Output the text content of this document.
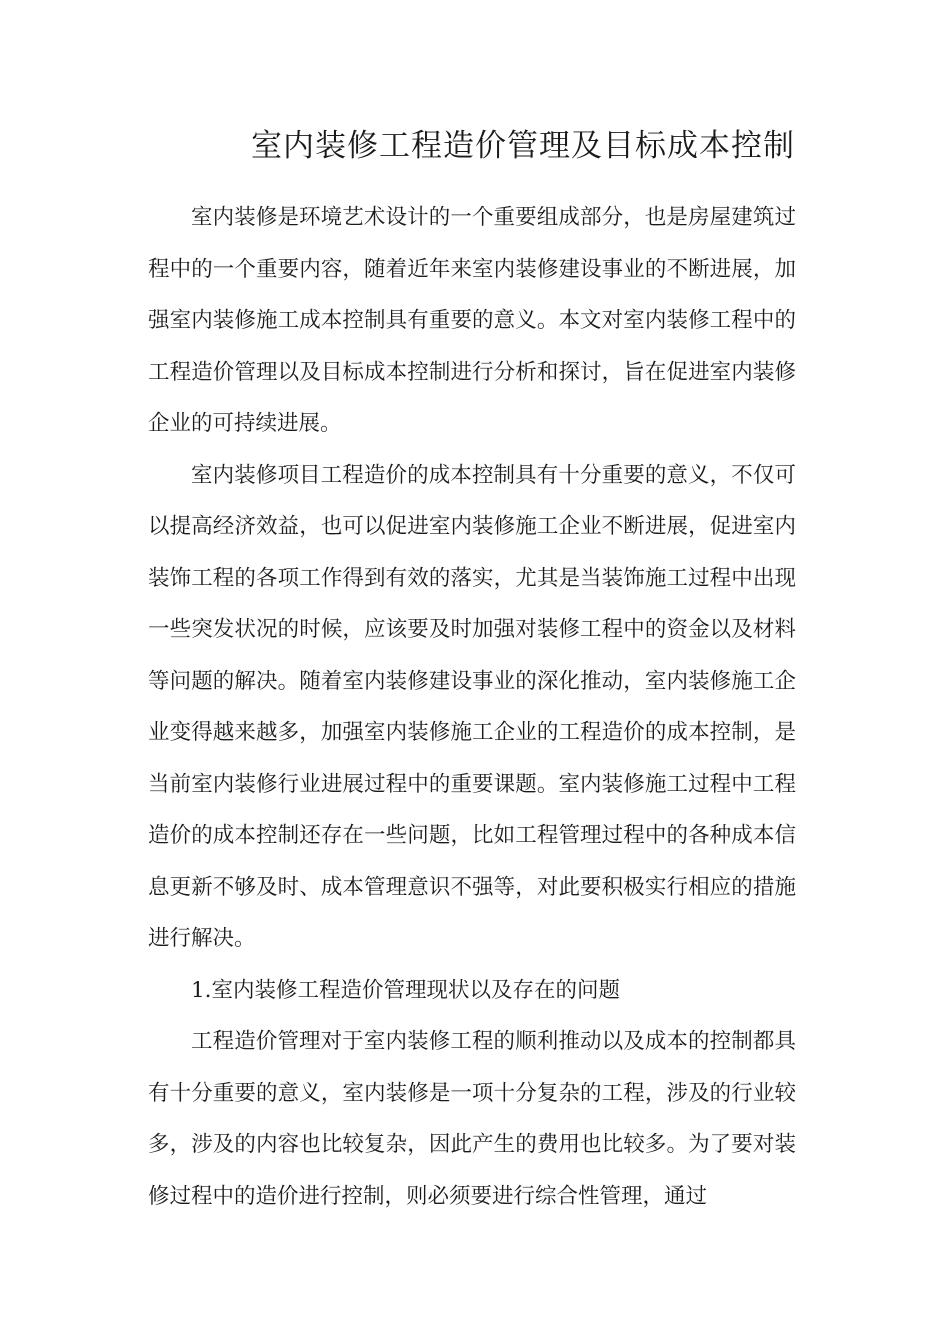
室内装修工程造价管理及目标成本控制

室内装修是环境艺术设计的一个重要组成部分，也是房屋建筑过程中的一个重要内容，随着近年来室内装修建设事业的不断进展，加强室内装修施工成本控制具有重要的意义。本文对室内装修工程中的工程造价管理以及目标成本控制进行分析和探讨，旨在促进室内装修企业的可持续进展。

室内装修项目工程造价的成本控制具有十分重要的意义，不仅可以提高经济效益，也可以促进室内装修施工企业不断进展，促进室内装饰工程的各项工作得到有效的落实，尤其是当装饰施工过程中出现一些突发状况的时候，应该要及时加强对装修工程中的资金以及材料等问题的解决。随着室内装修建设事业的深化推动，室内装修施工企业变得越来越多，加强室内装修施工企业的工程造价的成本控制，是当前室内装修行业进展过程中的重要课题。室内装修施工过程中工程造价的成本控制还存在一些问题，比如工程管理过程中的各种成本信息更新不够及时、成本管理意识不强等，对此要积极实行相应的措施进行解决。

1.室内装修工程造价管理现状以及存在的问题

工程造价管理对于室内装修工程的顺利推动以及成本的控制都具有十分重要的意义，室内装修是一项十分复杂的工程，涉及的行业较多，涉及的内容也比较复杂，因此产生的费用也比较多。为了要对装修过程中的造价进行控制，则必须要进行综合性管理，通过
